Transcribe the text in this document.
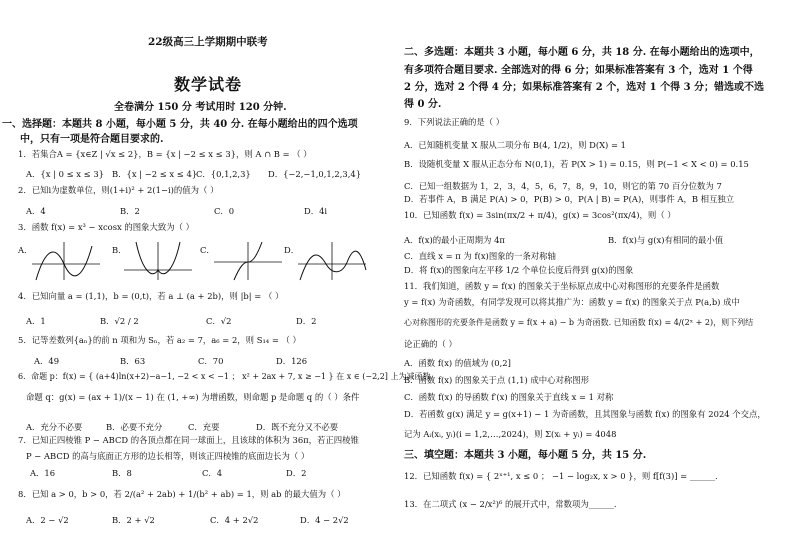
22级高三上学期期中联考
数学试卷
全卷满分 150 分 考试用时 120 分钟.
一、选择题：本题共 8 小题，每小题 5 分，共 40 分. 在每小题给出的四个选项
中，只有一项是符合题目要求的.
1．若集合A = {x∈Z | √x ≤ 2}，B = {x | −2 ≤ x ≤ 3}，则 A ∩ B = （ ）
A．{x | 0 ≤ x ≤ 3} B．{x | −2 ≤ x ≤ 4}
C．{0,1,2,3} D．{−2,−1,0,1,2,3,4}
2．已知i为虚数单位，则(1+i)² + 2(1−i)的值为（ ）
A．4	B．2	C．0	D．4i
3．函数 f(x) = x³ − xcosx 的图象大致为（ ）
A．	B．	C．	D．
4．已知向量 a = (1,1)，b = (0,t)，若 a ⊥ (a + 2b)，则 |b| = （ ）
A．1	B．√2 / 2	C．√2	D．2
5．记等差数列{aₙ}的前 n 项和为 Sₙ，若 a₂ = 7，a₆ = 2，则 S₁₄ = （ ）
A．49	B．63	C．70	D．126
6．命题 p：f(x) = { (a+4)ln(x+2)−a−1, −2 < x < −1 ； x² + 2ax + 7, x ≥ −1 } 在 x ∈ (−2,2] 上为减函数，
命题 q：g(x) = (ax + 1)/(x − 1) 在 (1, +∞) 为增函数，则命题 p 是命题 q 的（ ）条件
A．充分不必要	B．必要不充分	C．充要	D．既不充分又不必要
7．已知正四棱锥 P − ABCD 的各顶点都在同一球面上，且该球的体积为 36π，若正四棱锥
P − ABCD 的高与底面正方形的边长相等，则该正四棱锥的底面边长为（ ）
A．16	B．8	C．4	D．2
8．已知 a > 0，b > 0，若 2/(a² + 2ab) + 1/(b² + ab) = 1，则 ab 的最大值为（ ）
A．2 − √2	B．2 + √2	C．4 + 2√2	D．4 − 2√2
二、多选题：本题共 3 小题，每小题 6 分，共 18 分. 在每小题给出的选项中，
有多项符合题目要求. 全部选对的得 6 分；如果标准答案有 3 个，选对 1 个得
2 分，选对 2 个得 4 分；如果标准答案有 2 个，选对 1 个得 3 分；错选或不选
得 0 分.
9．下列说法正确的是（ ）
A．已知随机变量 X 服从二项分布 B(4, 1/2)，则 D(X) = 1
B．设随机变量 X 服从正态分布 N(0,1)，若 P(X > 1) = 0.15，则 P(−1 < X < 0) = 0.15
C．已知一组数据为 1，2，3，4，5，6，7，8，9，10，则它的第 70 百分位数为 7
D．若事件 A，B 满足 P(A) > 0，P(B) > 0，P(A | B) = P(A)，则事件 A，B 相互独立
10．已知函数 f(x) = 3sin(πx/2 + π/4)，g(x) = 3cos²(πx/4)，则（ ）
A．f(x)的最小正周期为 4π	B．f(x)与 g(x)有相同的最小值
C．直线 x = π 为 f(x)图象的一条对称轴
D．将 f(x)的图象向左平移 1/2 个单位长度后得到 g(x)的图象
11．我们知道，函数 y = f(x) 的图象关于坐标原点成中心对称图形的充要条件是函数
y = f(x) 为奇函数，有同学发现可以将其推广为：函数 y = f(x) 的图象关于点 P(a,b) 成中
心对称图形的充要条件是函数 y = f(x + a) − b 为奇函数. 已知函数 f(x) = 4/(2ˣ + 2)，则下列结
论正确的（ ）
A．函数 f(x) 的值域为 (0,2]
B．函数 f(x) 的图象关于点 (1,1) 成中心对称图形
C．函数 f(x) 的导函数 f′(x) 的图象关于直线 x = 1 对称
D．若函数 g(x) 满足 y = g(x+1) − 1 为奇函数，且其图象与函数 f(x) 的图象有 2024 个交点，
记为 Aᵢ(xᵢ, yᵢ)(i = 1,2,…,2024)，则 Σ(xᵢ + yᵢ) = 4048
三、填空题：本题共 3 小题，每小题 5 分，共 15 分.
12．已知函数 f(x) = { 2ˣ⁺¹, x ≤ 0 ； −1 − log₂x, x > 0 }，则 f[f(3)] = ______.
13．在二项式 (x − 2/x²)⁶ 的展开式中，常数项为______.
